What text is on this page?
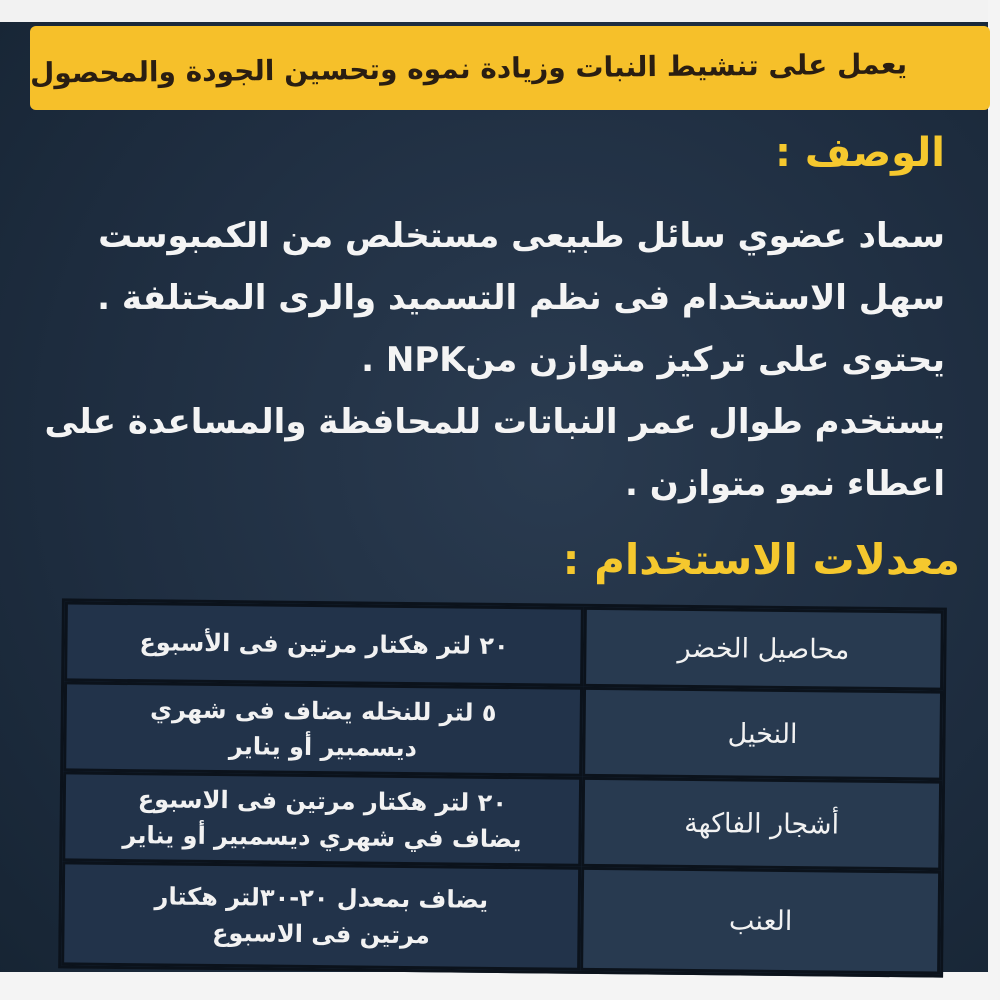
يعمل على تنشيط النبات وزيادة نموه وتحسين الجودة والمحصول
الوصف :

سماد عضوي سائل طبيعى مستخلص من الكمبوست

سهل الاستخدام فى نظم التسميد والرى المختلفة .

يحتوى على تركيز متوازن منNPK .

يستخدم طوال عمر النباتات للمحافظة والمساعدة على

اعطاء نمو متوازن .

معدلات الاستخدام :
محاصيل الخضر
٢٠ لتر هكتار مرتين فى الأسبوع
النخيل
٥ لتر للنخله يضاف فى شهري
ديسمبير أو يناير
أشجار الفاكهة
٢٠ لتر هكتار مرتين فى الاسبوع
يضاف في شهري ديسمبير أو يناير
العنب
يضاف بمعدل ٢٠-٣٠لتر هكتار
مرتين فى الاسبوع
